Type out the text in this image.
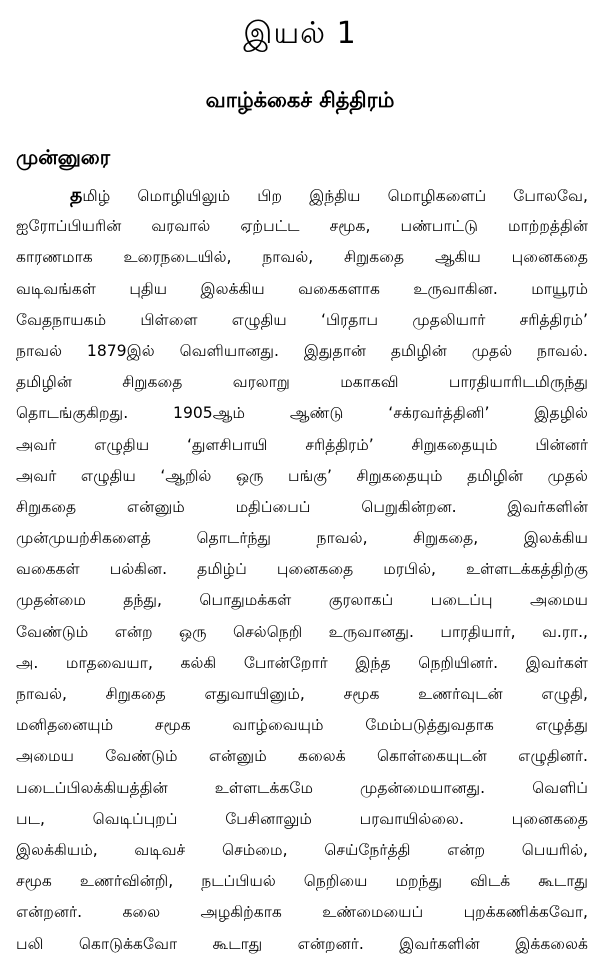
இயல் 1
வாழ்க்கைச் சித்திரம்
முன்னுரை
தமிழ் மொழியிலும் பிற இந்திய மொழிகளைப் போலவே,
ஐரோப்பியரின் வரவால் ஏற்பட்ட சமூக, பண்பாட்டு மாற்றத்தின்
காரணமாக உரைநடையில், நாவல், சிறுகதை ஆகிய புனைகதை
வடிவங்கள் புதிய இலக்கிய வகைகளாக உருவாகின. மாயூரம்
வேதநாயகம் பிள்ளை எழுதிய ‘பிரதாப முதலியார் சரித்திரம்’
நாவல் 1879இல் வெளியானது. இதுதான் தமிழின் முதல் நாவல்.
தமிழின் சிறுகதை வரலாறு மகாகவி பாரதியாரிடமிருந்து
தொடங்குகிறது. 1905ஆம் ஆண்டு ‘சக்ரவர்த்தினி’ இதழில்
அவர் எழுதிய ‘துளசிபாயி சரித்திரம்’ சிறுகதையும் பின்னர்
அவர் எழுதிய ‘ஆறில் ஒரு பங்கு’ சிறுகதையும் தமிழின் முதல்
சிறுகதை என்னும் மதிப்பைப் பெறுகின்றன. இவர்களின்
முன்முயற்சிகளைத் தொடர்ந்து நாவல், சிறுகதை, இலக்கிய
வகைகள் பல்கின. தமிழ்ப் புனைகதை மரபில், உள்ளடக்கத்திற்கு
முதன்மை தந்து, பொதுமக்கள் குரலாகப் படைப்பு அமைய
வேண்டும் என்ற ஒரு செல்நெறி உருவானது. பாரதியார், வ.ரா.,
அ. மாதவையா, கல்கி போன்றோர் இந்த நெறியினர். இவர்கள்
நாவல், சிறுகதை எதுவாயினும், சமூக உணர்வுடன் எழுதி,
மனிதனையும் சமூக வாழ்வையும் மேம்படுத்துவதாக எழுத்து
அமைய வேண்டும் என்னும் கலைக் கொள்கையுடன் எழுதினர்.
படைப்பிலக்கியத்தின் உள்ளடக்கமே முதன்மையானது. வெளிப்
பட, வெடிப்புறப் பேசினாலும் பரவாயில்லை. புனைகதை
இலக்கியம், வடிவச் செம்மை, செய்நேர்த்தி என்ற பெயரில்,
சமூக உணர்வின்றி, நடப்பியல் நெறியை மறந்து விடக் கூடாது
என்றனர். கலை அழகிற்காக உண்மையைப் புறக்கணிக்கவோ,
பலி கொடுக்கவோ கூடாது என்றனர். இவர்களின் இக்கலைக்
